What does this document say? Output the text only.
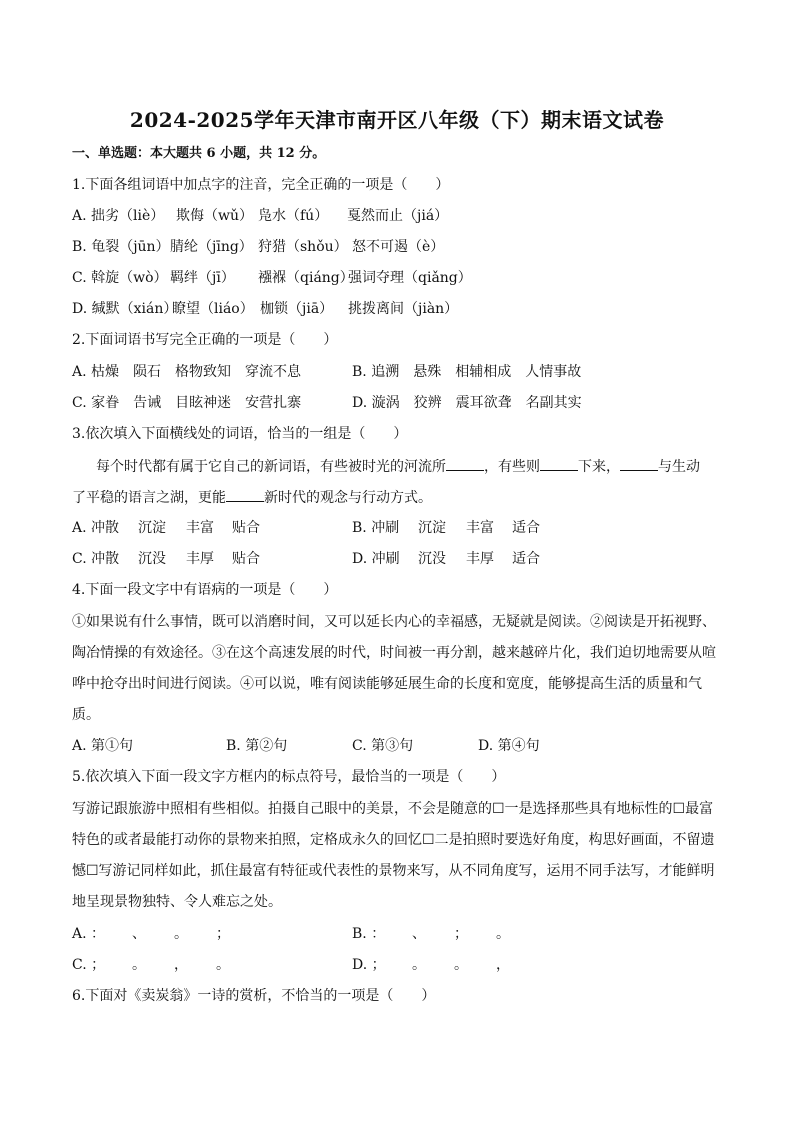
2024-2025学年天津市南开区八年级（下）期末语文试卷
一、单选题：本大题共 6 小题，共 12 分。
1.下面各组词语中加点字的注音，完全正确的一项是（　　）
A. 拙劣（liè） 欺侮（wǔ） 凫水（fú） 戛然而止（jiá）
B. 龟裂（jūn） 腈纶（jīng） 狩猎（shǒu） 怒不可遏（è）
C. 斡旋（wò） 羁绊（jī） 襁褓（qiáng）
强词夺理（qiǎng）
D. 缄默（xián）
瞭望（liáo） 枷锁（jiā） 挑拨离间（jiàn）
2.下面词语书写完全正确的一项是（　　）
A. 枯燥　陨石　格物致知　穿流不息	B. 追溯　悬殊　相辅相成　人情事故
C. 家眷　告诫　目眩神迷　安营扎寨	D. 漩涡　狡辨　震耳欲聋　名副其实
3.依次填入下面横线处的词语，恰当的一组是（　　）
每个时代都有属于它自己的新词语，有些被时光的河流所	，有些则	下来，	与生动
了平稳的语言之湖，更能	新时代的观念与行动方式。
A. 冲散 沉淀 丰富 贴合	B. 冲刷 沉淀 丰富 适合
C. 冲散 沉没 丰厚 贴合	D. 冲刷 沉没 丰厚 适合
4.下面一段文字中有语病的一项是（　　）
①如果说有什么事情，既可以消磨时间，又可以延长内心的幸福感，无疑就是阅读。②阅读是开拓视野、
陶冶情操的有效途径。③在这个高速发展的时代，时间被一再分割，越来越碎片化，我们迫切地需要从喧
哗中抢夺出时间进行阅读。④可以说，唯有阅读能够延展生命的长度和宽度，能够提高生活的质量和气
质。
A. 第①句	B. 第②句	C. 第③句	D. 第④句
5.依次填入下面一段文字方框内的标点符号，最恰当的一项是（　　）
写游记跟旅游中照相有些相似。拍摄自己眼中的美景，不会是随意的☐一是选择那些具有地标性的☐最富
特色的或者最能打动你的景物来拍照，定格成永久的回忆☐二是拍照时要选好角度，构思好画面，不留遗
憾☐写游记同样如此，抓住最富有特征或代表性的景物来写，从不同角度写，运用不同手法写，才能鲜明
地呈现景物独特、令人难忘之处。
A. ： 、 。 ；	B. ： 、 ； 。
C. ； 。 ， 。	D. ； 。 。 ，
6.下面对《卖炭翁》一诗的赏析，不恰当的一项是（　　）
